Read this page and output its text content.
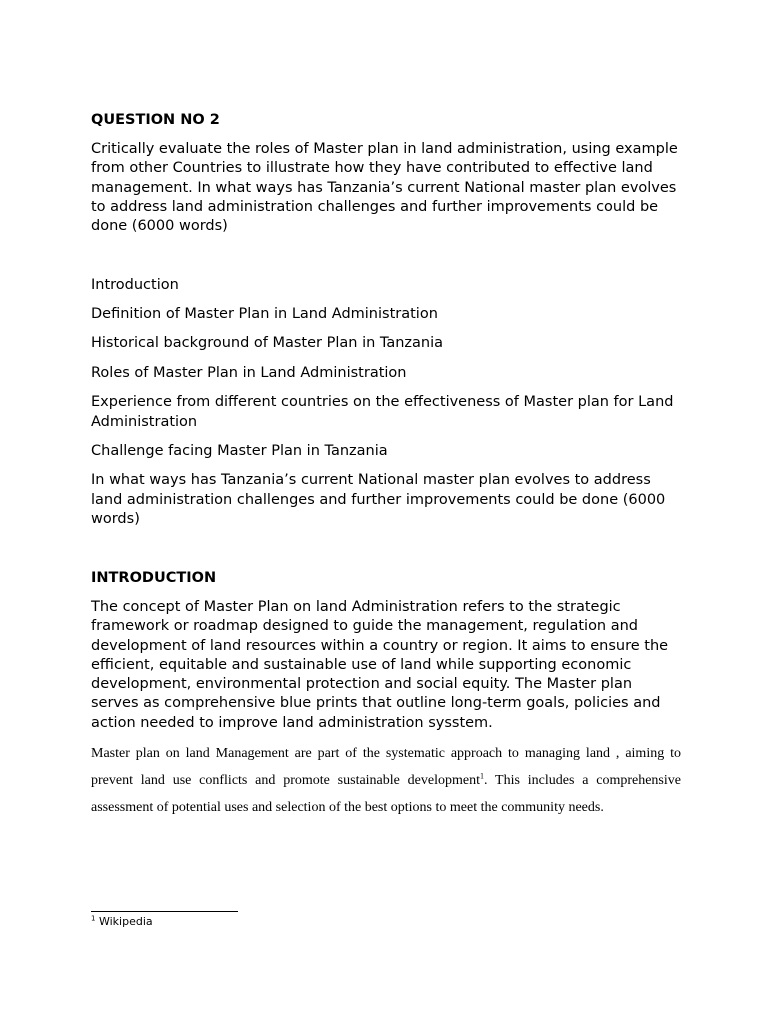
QUESTION NO 2

Critically evaluate the roles of Master plan in land administration, using example from other Countries to illustrate how they have contributed to effective land management. In what ways has Tanzania’s current National master plan evolves to address land administration challenges and further improvements could be done (6000 words)

Introduction

Definition of Master Plan in Land Administration

Historical background of Master Plan in Tanzania

Roles of Master Plan in Land Administration

Experience from different countries on the effectiveness of Master plan for Land Administration

Challenge facing Master Plan in Tanzania

In what ways has Tanzania’s current National master plan evolves to address land administration challenges and further improvements could be done (6000 words)

INTRODUCTION

The concept of Master Plan on land Administration refers to the strategic framework or roadmap designed to guide the management, regulation and development of land resources within a country or region. It aims to ensure the efficient, equitable and sustainable use of land while supporting economic development, environmental protection and social equity. The Master plan serves as comprehensive blue prints that outline long-term goals, policies and action needed to improve land administration sysstem.

Master plan on land Management are part of the systematic approach to managing land , aiming to prevent land use conflicts and promote sustainable development$^1$. This includes a comprehensive assessment of potential uses and selection of the best options to meet the community needs.

$^1$ Wikipedia
